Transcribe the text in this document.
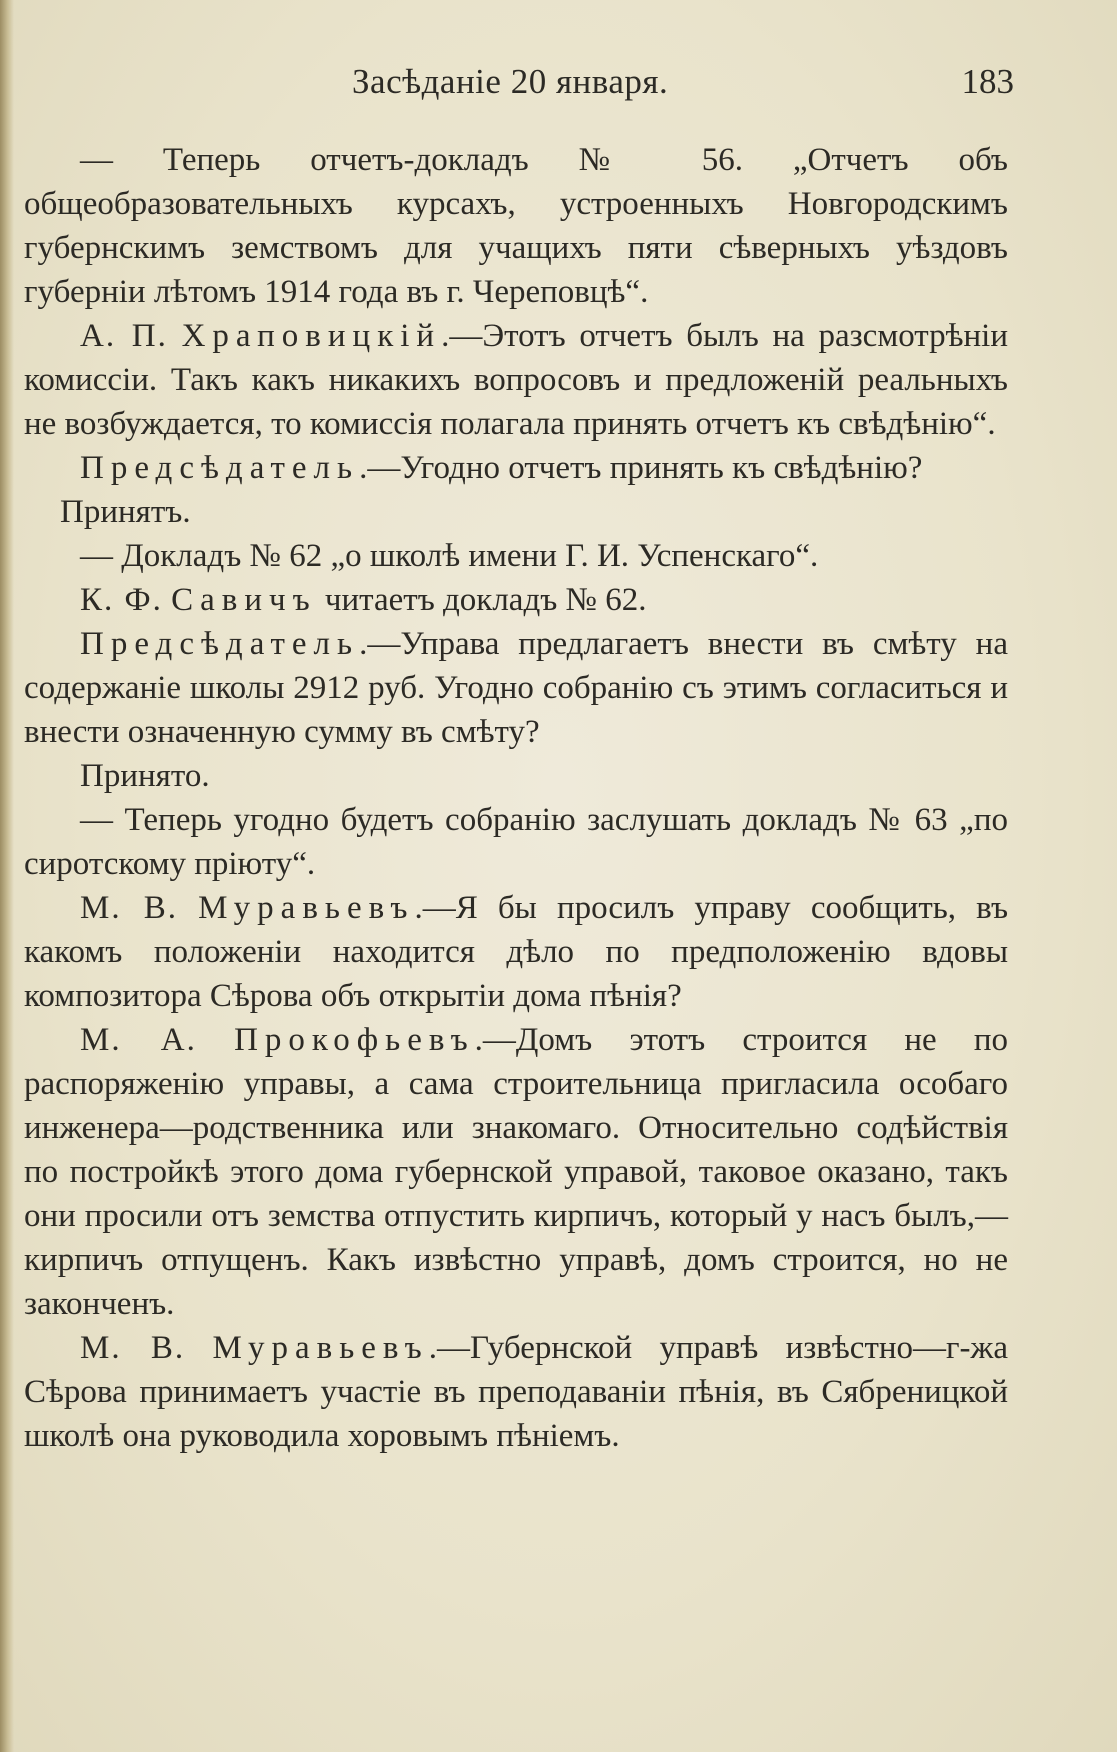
Засѣданіе 20 января.	183

— Теперь отчетъ-докладъ № 56. „Отчетъ объ общеобразовательныхъ курсахъ, устроенныхъ Новгородскимъ губернскимъ земствомъ для учащихъ пяти сѣверныхъ уѣздовъ губерніи лѣтомъ 1914 года въ г. Череповцѣ“.

А. П. Храповицкій.—Этотъ отчетъ былъ на разсмотрѣніи комиссіи. Такъ какъ никакихъ вопросовъ и предложеній реальныхъ не возбуждается, то комиссія полагала принять отчетъ къ свѣдѣнію“.

Предсѣдатель.—Угодно отчетъ принять къ свѣдѣнію?

Принятъ.

— Докладъ № 62 „о школѣ имени Г. И. Успенскаго“.

К. Ф. Савичъ читаетъ докладъ № 62.

Предсѣдатель.—Управа предлагаетъ внести въ смѣту на содержаніе школы 2912 руб. Угодно собранію съ этимъ согласиться и внести означенную сумму въ смѣту?

Принято.

— Теперь угодно будетъ собранію заслушать докладъ № 63 „по сиротскому пріюту“.

М. В. Муравьевъ.—Я бы просилъ управу сообщить, въ какомъ положеніи находится дѣло по предположенію вдовы композитора Сѣрова объ открытіи дома пѣнія?

М. А. Прокофьевъ.—Домъ этотъ строится не по распоряженію управы, а сама строительница пригласила особаго инженера—родственника или знакомаго. Относительно содѣйствія по постройкѣ этого дома губернской управой, таковое оказано, такъ они просили отъ земства отпустить кирпичъ, который у насъ былъ,—кирпичъ отпущенъ. Какъ извѣстно управѣ, домъ строится, но не законченъ.

М. В. Муравьевъ.—Губернской управѣ извѣстно—г-жа Сѣрова принимаетъ участіе въ преподаваніи пѣнія, въ Сябреницкой школѣ она руководила хоровымъ пѣніемъ.
